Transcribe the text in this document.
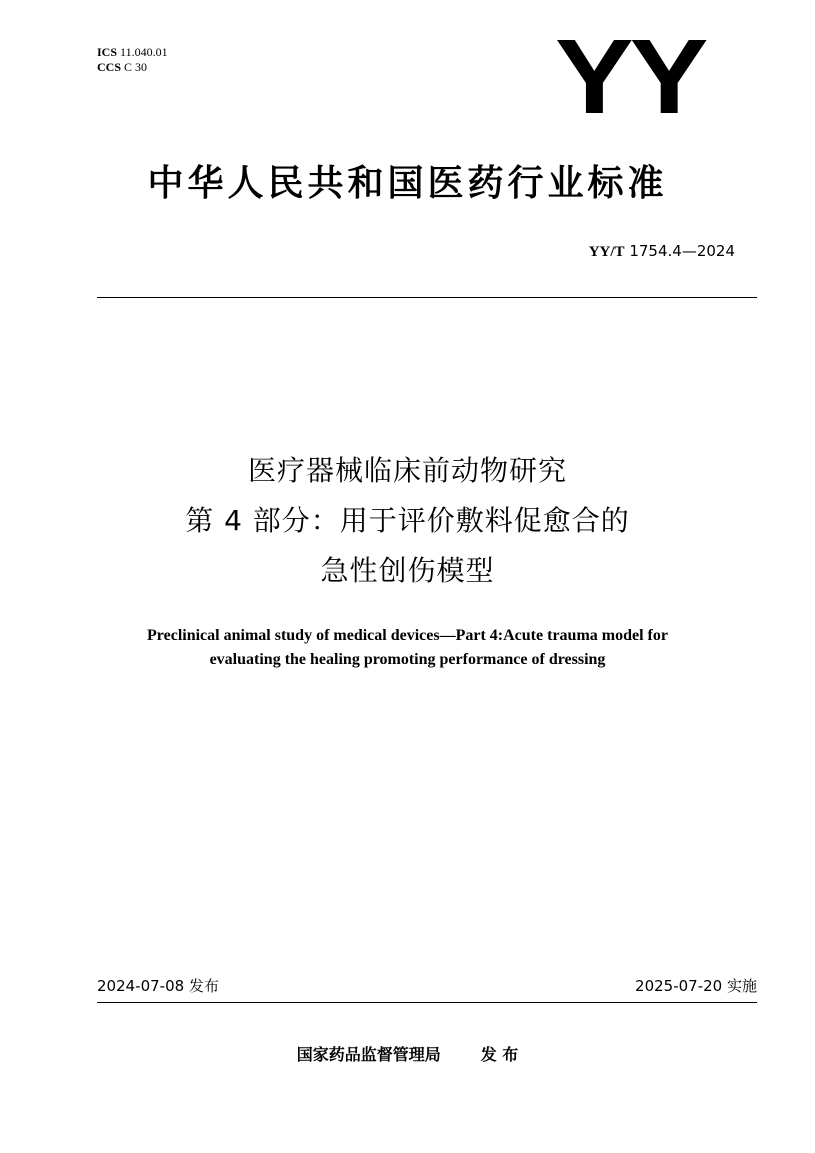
ICS 11.040.01
CCS C 30	YY
中华人民共和国医药行业标准
YY/T 1754.4—2024
医疗器械临床前动物研究
第 4 部分：用于评价敷料促愈合的
急性创伤模型
Preclinical animal study of medical devices—Part 4:Acute trauma model for
evaluating the healing promoting performance of dressing
2024-07-08 发布	2025-07-20 实施
国家药品监督管理局	发 布
